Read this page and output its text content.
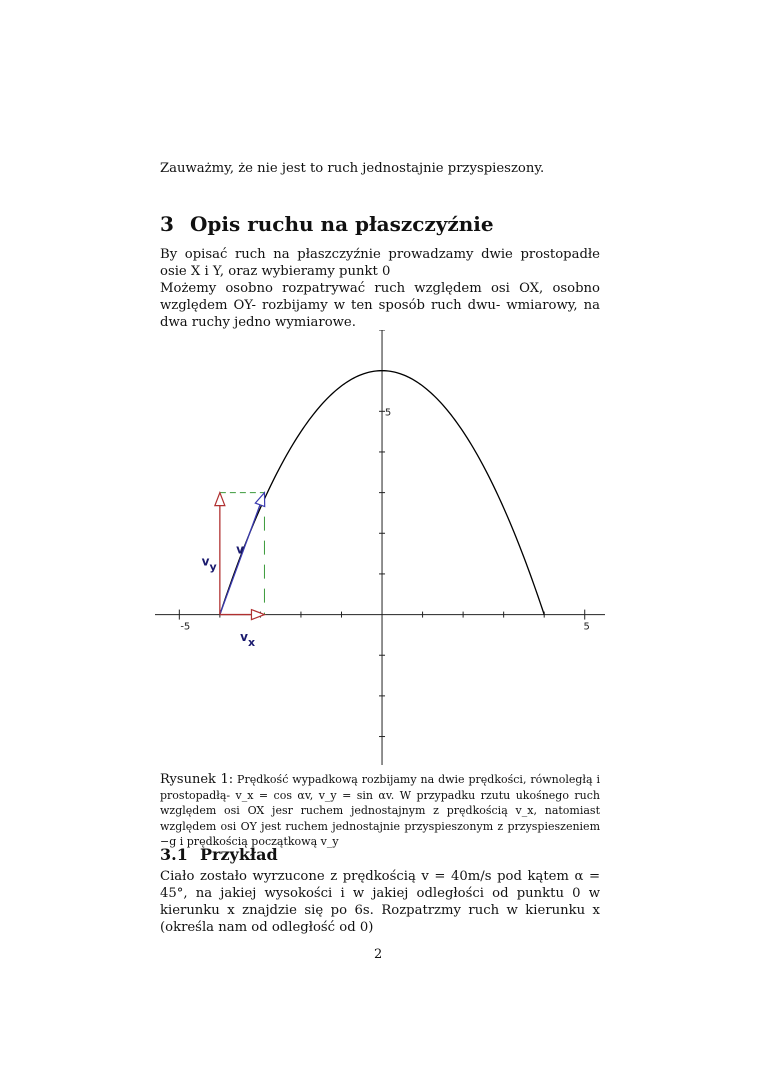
Zauważmy, że nie jest to ruch jednostajnie przyspieszony.
3 Opis ruchu na płaszczyźnie
By opisać ruch na płaszczyźnie prowadzamy dwie prostopadłe osie X i Y, oraz wybieramy punkt 0
Możemy osobno rozpatrywać ruch względem osi OX, osobno względem OY- rozbijamy w ten sposób ruch dwu- wmiarowy, na dwa ruchy jedno wymiarowe.
-5	5
5
v
vy
vx
Rysunek 1: Prędkość wypadkową rozbijamy na dwie prędkości, równoległą i prostopadłą- v_x = cos αv, v_y = sin αv. W przypadku rzutu ukośnego ruch względem osi OX jesr ruchem jednostajnym z prędkością v_x, natomiast względem osi OY jest ruchem jednostajnie przyspieszonym z przyspieszeniem −g i prędkością początkową v_y
3.1 Przykład
Ciało zostało wyrzucone z prędkością v = 40m/s pod kątem α = 45°, na jakiej wysokości i w jakiej odległości od punktu 0 w kierunku x znajdzie się po 6s. Rozpatrzmy ruch w kierunku x (określa nam od odległość od 0)
2
